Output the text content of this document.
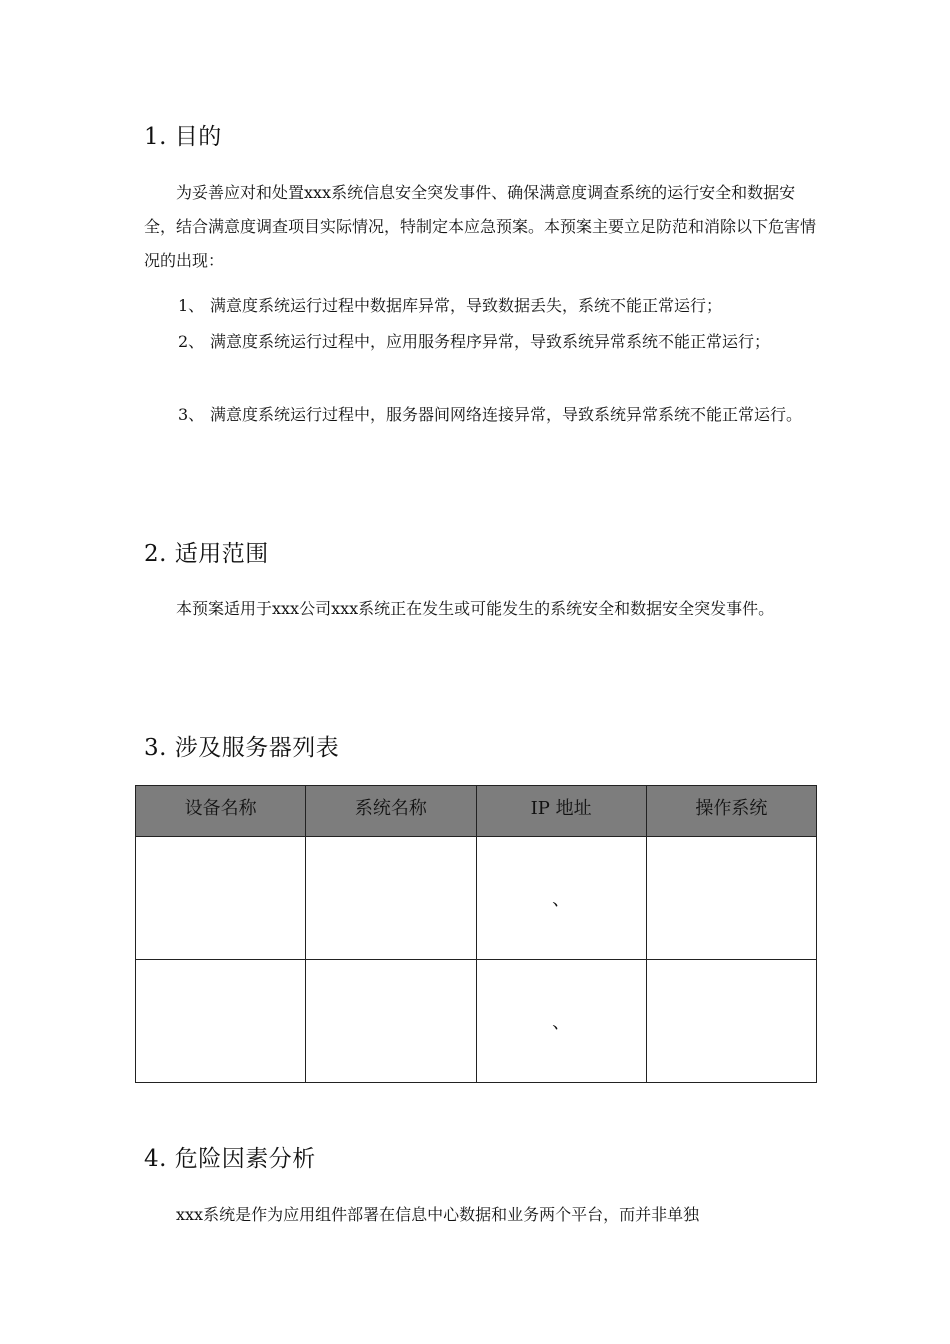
1. 目的

为妥善应对和处置xxx系统信息安全突发事件、确保满意度调查系统的运行安全和数据安全，结合满意度调查项目实际情况，特制定本应急预案。本预案主要立足防范和消除以下危害情况的出现：

1、 满意度系统运行过程中数据库异常，导致数据丢失，系统不能正常运行；
2、 满意度系统运行过程中，应用服务程序异常，导致系统异常系统不能正常运行；
3、 满意度系统运行过程中，服务器间网络连接异常，导致系统异常系统不能正常运行。
2. 适用范围

本预案适用于xxx公司xxx系统正在发生或可能发生的系统安全和数据安全突发事件。

3. 涉及服务器列表
设备名称	系统名称	IP 地址	操作系统
		、	
		、	
4. 危险因素分析

xxx系统是作为应用组件部署在信息中心数据和业务两个平台，而并非单独
